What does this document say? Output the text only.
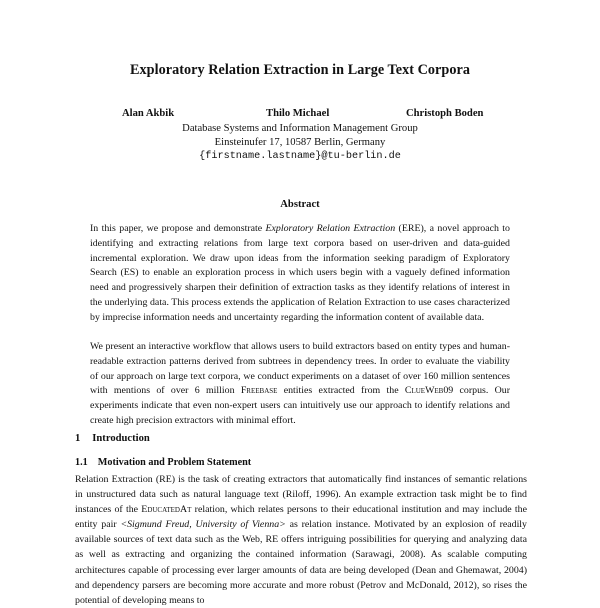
Exploratory Relation Extraction in Large Text Corpora
Alan Akbik	Thilo Michael	Christoph Boden
Database Systems and Information Management Group
Einsteinufer 17, 10587 Berlin, Germany
{firstname.lastname}@tu-berlin.de
Abstract

In this paper, we propose and demonstrate Exploratory Relation Extraction (ERE), a novel approach to identifying and extracting relations from large text corpora based on user-driven and data-guided incremental exploration. We draw upon ideas from the information seeking paradigm of Exploratory Search (ES) to enable an exploration process in which users begin with a vaguely defined information need and progressively sharpen their definition of extraction tasks as they identify relations of interest in the underlying data. This process extends the application of Relation Extraction to use cases characterized by imprecise information needs and uncertainty regarding the information content of available data.

We present an interactive workflow that allows users to build extractors based on entity types and human-readable extraction patterns derived from subtrees in dependency trees. In order to evaluate the viability of our approach on large text corpora, we conduct experiments on a dataset of over 160 million sentences with mentions of over 6 million Freebase entities extracted from the ClueWeb09 corpus. Our experiments indicate that even non-expert users can intuitively use our approach to identify relations and create high precision extractors with minimal effort.

1 Introduction
1.1 Motivation and Problem Statement

Relation Extraction (RE) is the task of creating extractors that automatically find instances of semantic relations in unstructured data such as natural language text (Riloff, 1996). An example extraction task might be to find instances of the EducatedAt relation, which relates persons to their educational institution and may include the entity pair <Sigmund Freud, University of Vienna> as relation instance. Motivated by an explosion of readily available sources of text data such as the Web, RE offers intriguing possibilities for querying and analyzing data as well as extracting and organizing the contained information (Sarawagi, 2008). As scalable computing architectures capable of processing ever larger amounts of data are being developed (Dean and Ghemawat, 2004) and dependency parsers are becoming more accurate and more robust (Petrov and McDonald, 2012), so rises the potential of developing means to
